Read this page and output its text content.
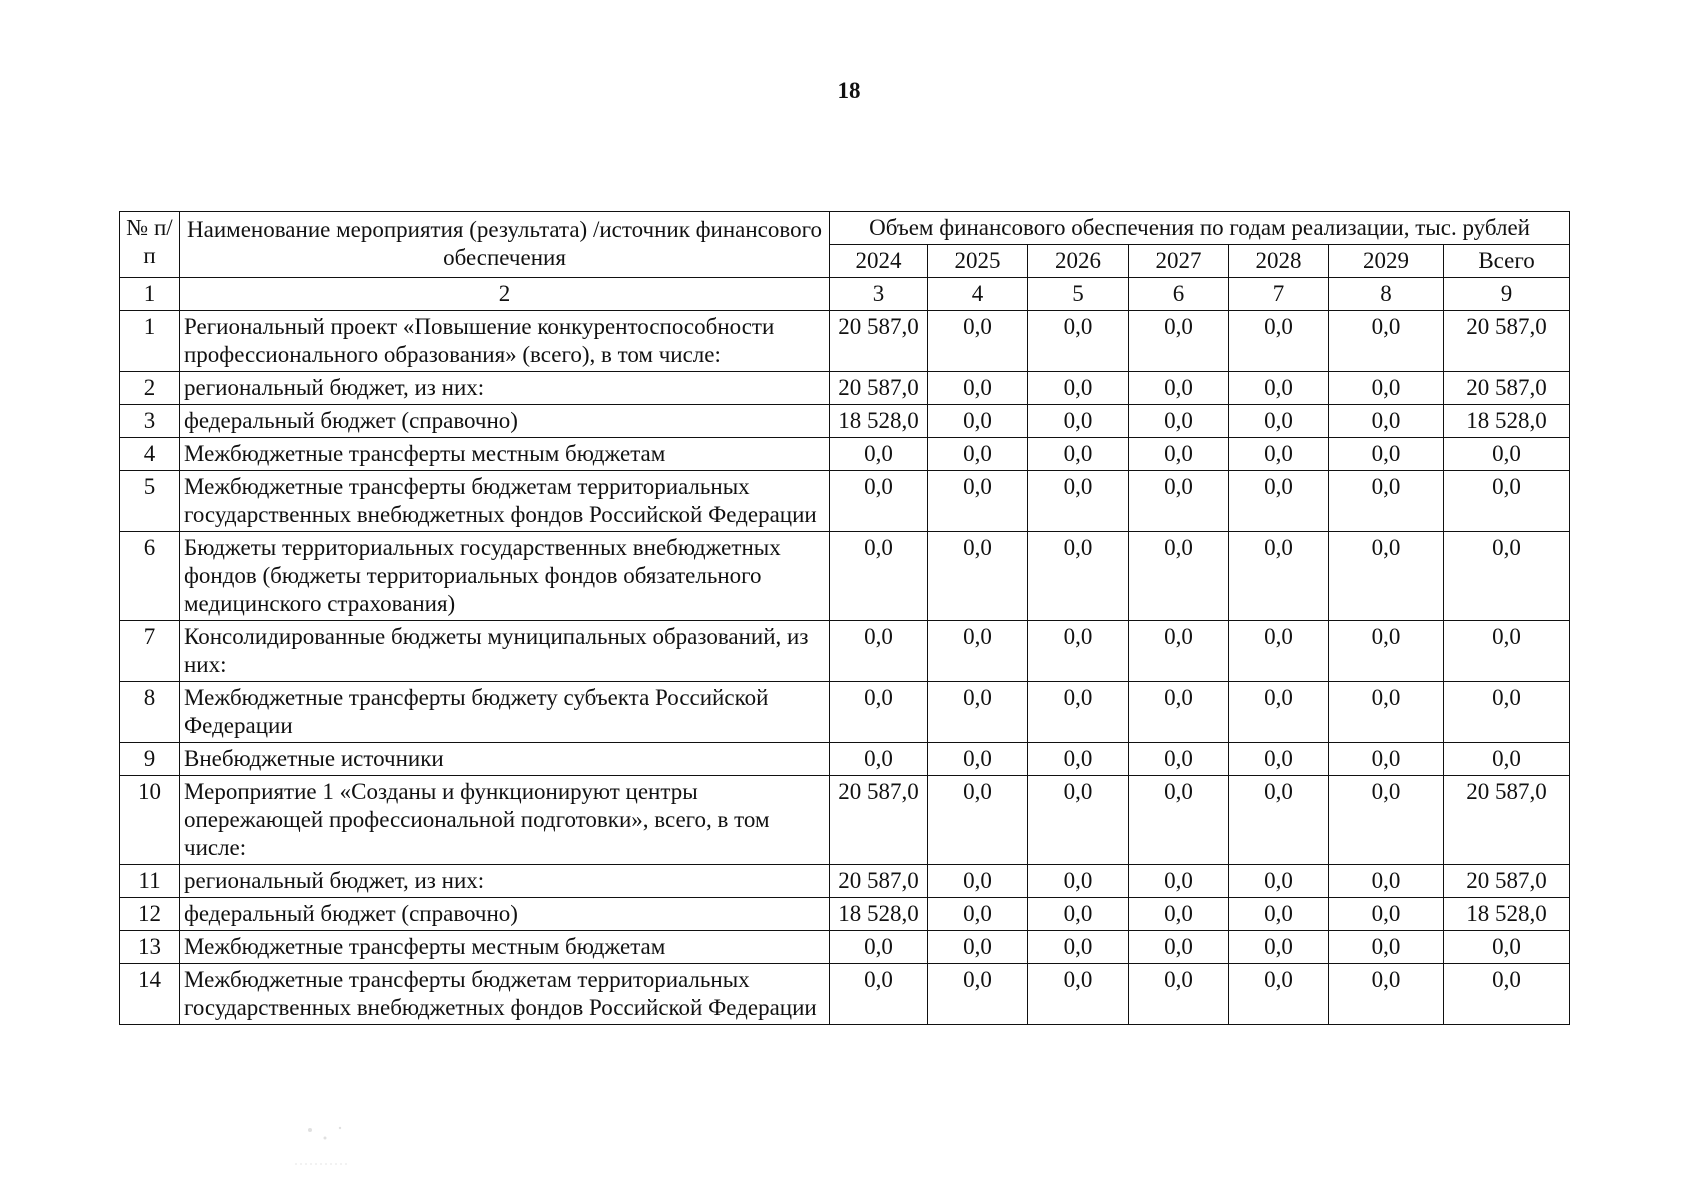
18
№ п/п	Наименование мероприятия (результата) /источник финансового обеспечения	Объем финансового обеспечения по годам реализации, тыс. рублей						
		2024	2025	2026	2027	2028	2029	Всего
1	2	3	4	5	6	7	8	9
1	Региональный проект «Повышение конкурентоспособности профессионального образования» (всего), в том числе:	20 587,0	0,0	0,0	0,0	0,0	0,0	20 587,0
2	региональный бюджет, из них:	20 587,0	0,0	0,0	0,0	0,0	0,0	20 587,0
3	федеральный бюджет (справочно)	18 528,0	0,0	0,0	0,0	0,0	0,0	18 528,0
4	Межбюджетные трансферты местным бюджетам	0,0	0,0	0,0	0,0	0,0	0,0	0,0
5	Межбюджетные трансферты бюджетам территориальных государственных внебюджетных фондов Российской Федерации	0,0	0,0	0,0	0,0	0,0	0,0	0,0
6	Бюджеты территориальных государственных внебюджетных фондов (бюджеты территориальных фондов обязательного медицинского страхования)	0,0	0,0	0,0	0,0	0,0	0,0	0,0
7	Консолидированные бюджеты муниципальных образований, из них:	0,0	0,0	0,0	0,0	0,0	0,0	0,0
8	Межбюджетные трансферты бюджету субъекта Российской Федерации	0,0	0,0	0,0	0,0	0,0	0,0	0,0
9	Внебюджетные источники	0,0	0,0	0,0	0,0	0,0	0,0	0,0
10	Мероприятие 1 «Созданы и функционируют центры опережающей профессиональной подготовки», всего, в том числе:	20 587,0	0,0	0,0	0,0	0,0	0,0	20 587,0
11	региональный бюджет, из них:	20 587,0	0,0	0,0	0,0	0,0	0,0	20 587,0
12	федеральный бюджет (справочно)	18 528,0	0,0	0,0	0,0	0,0	0,0	18 528,0
13	Межбюджетные трансферты местным бюджетам	0,0	0,0	0,0	0,0	0,0	0,0	0,0
14	Межбюджетные трансферты бюджетам территориальных государственных внебюджетных фондов Российской Федерации	0,0	0,0	0,0	0,0	0,0	0,0	0,0
